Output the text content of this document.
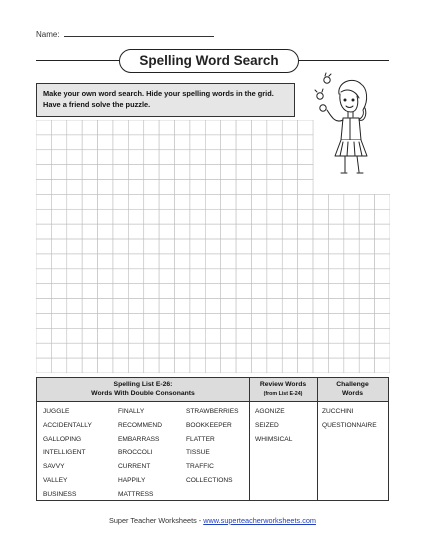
Name:
Spelling Word Search
Make your own word search. Hide your spelling words in the grid. Have a friend solve the puzzle.
Spelling List E-26:
Words With Double Consonants
Review Words
(from List E-24)
Challenge
Words
JUGGLE
ACCIDENTALLY
GALLOPING
INTELLIGENT
SAVVY
VALLEY
BUSINESS
FINALLY
RECOMMEND
EMBARRASS
BROCCOLI
CURRENT
HAPPILY
MATTRESS
STRAWBERRIES
BOOKKEEPER
FLATTER
TISSUE
TRAFFIC
COLLECTIONS
AGONIZE
SEIZED
WHIMSICAL
ZUCCHINI
QUESTIONNAIRE
Super Teacher Worksheets - www.superteacherworksheets.com
